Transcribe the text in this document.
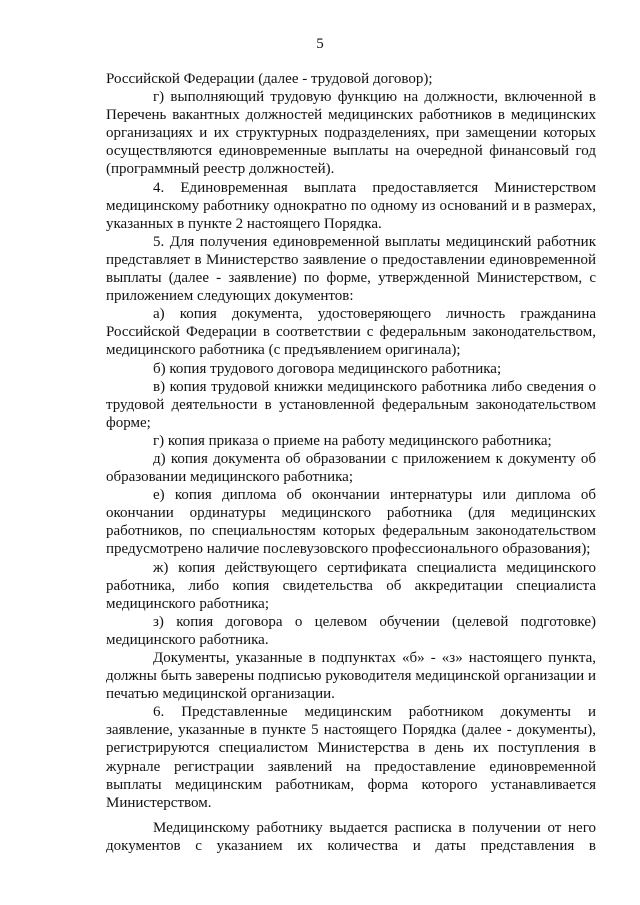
5

Российской Федерации (далее - трудовой договор);

г) выполняющий трудовую функцию на должности, включенной в Перечень вакантных должностей медицинских работников в медицинских организациях и их структурных подразделениях, при замещении которых осуществляются единовременные выплаты на очередной финансовый год (программный реестр должностей).

4. Единовременная выплата предоставляется Министерством медицинскому работнику однократно по одному из оснований и в размерах, указанных в пункте 2 настоящего Порядка.

5. Для получения единовременной выплаты медицинский работник представляет в Министерство заявление о предоставлении единовременной выплаты (далее - заявление) по форме, утвержденной Министерством, с приложением следующих документов:

а) копия документа, удостоверяющего личность гражданина Российской Федерации в соответствии с федеральным законодательством, медицинского работника (с предъявлением оригинала);

б) копия трудового договора медицинского работника;

в) копия трудовой книжки медицинского работника либо сведения о трудовой деятельности в установленной федеральным законодательством форме;

г) копия приказа о приеме на работу медицинского работника;

д) копия документа об образовании с приложением к документу об образовании медицинского работника;

е) копия диплома об окончании интернатуры или диплома об окончании ординатуры медицинского работника (для медицинских работников, по специальностям которых федеральным законодательством предусмотрено наличие послевузовского профессионального образования);

ж) копия действующего сертификата специалиста медицинского работника, либо копия свидетельства об аккредитации специалиста медицинского работника;

з) копия договора о целевом обучении (целевой подготовке) медицинского работника.

Документы, указанные в подпунктах «б» - «з» настоящего пункта, должны быть заверены подписью руководителя медицинской организации и печатью медицинской организации.

6. Представленные медицинским работником документы и заявление, указанные в пункте 5 настоящего Порядка (далее - документы), регистрируются специалистом Министерства в день их поступления в журнале регистрации заявлений на предоставление единовременной выплаты медицинским работникам, форма которого устанавливается Министерством.

Медицинскому работнику выдается расписка в получении от него документов с указанием их количества и даты представления в
